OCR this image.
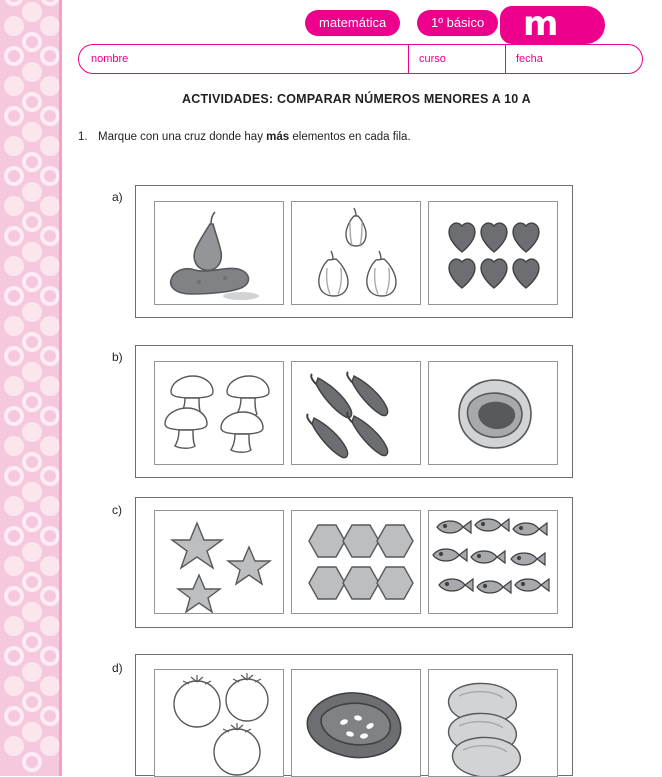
matemática	1º básico	m
nombre	curso	fecha
ACTIVIDADES: COMPARAR NÚMEROS MENORES A 10 A
1. Marque con una cruz donde hay más elementos en cada fila.
a)
b)
c)
d)
